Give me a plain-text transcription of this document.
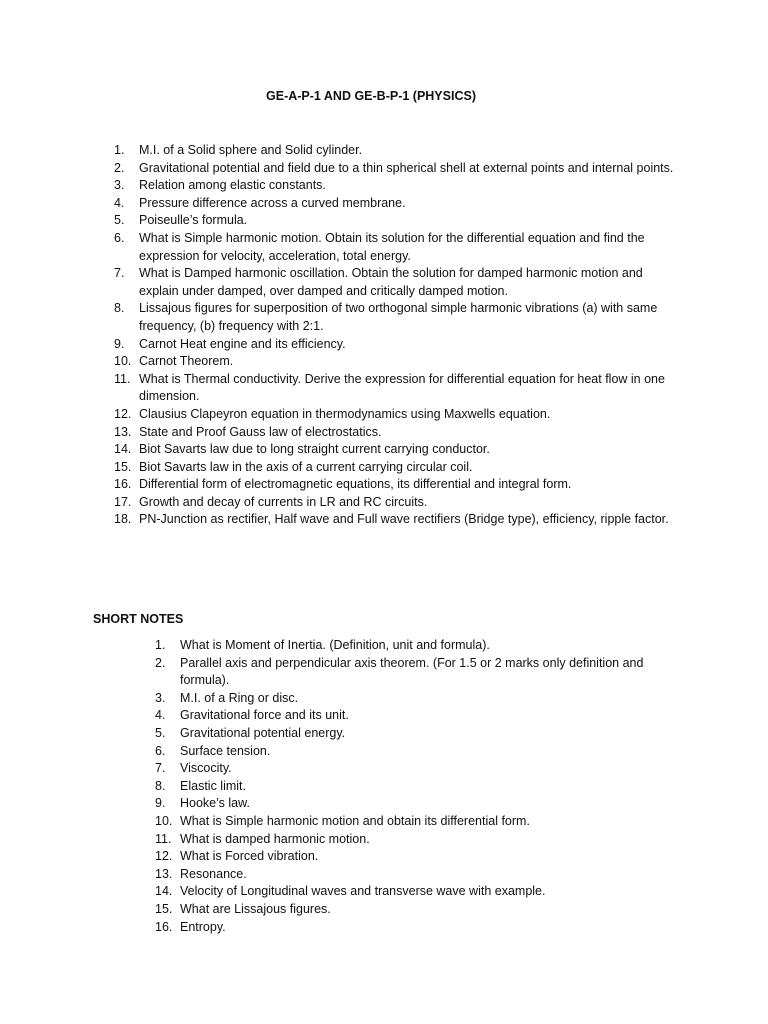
GE-A-P-1 AND GE-B-P-1 (PHYSICS)
1.	M.I. of a Solid sphere and Solid cylinder.
2.	Gravitational potential and field due to a thin spherical shell at external points and internal points.
3.	Relation among elastic constants.
4.	Pressure difference across a curved membrane.
5.	Poiseulle’s formula.
6.	What is Simple harmonic motion. Obtain its solution for the differential equation and find the expression for velocity, acceleration, total energy.
7.	What is Damped harmonic oscillation. Obtain the solution for damped harmonic motion and explain under damped, over damped and critically damped motion.
8.	Lissajous figures for superposition of two orthogonal simple harmonic vibrations (a) with same frequency, (b) frequency with 2:1.
9.	Carnot Heat engine and its efficiency.
10. Carnot Theorem.
11. What is Thermal conductivity. Derive the expression for differential equation for heat flow in one dimension.
12. Clausius Clapeyron equation in thermodynamics using Maxwells equation.
13. State and Proof Gauss law of electrostatics.
14. Biot Savarts law due to long straight current carrying conductor.
15. Biot Savarts law in the axis of a current carrying circular coil.
16. Differential form of electromagnetic equations, its differential and integral form.
17. Growth and decay of currents in LR and RC circuits.
18. PN-Junction as rectifier, Half wave and Full wave rectifiers (Bridge type), efficiency, ripple factor.
SHORT NOTES
1.	What is Moment of Inertia. (Definition, unit and formula).
2.	Parallel axis and perpendicular axis theorem. (For 1.5 or 2 marks only definition and formula).
3.	M.I. of a Ring or disc.
4.	Gravitational force and its unit.
5.	Gravitational potential energy.
6.	Surface tension.
7.	Viscocity.
8.	Elastic limit.
9.	Hooke’s law.
10. What is Simple harmonic motion and obtain its differential form.
11. What is damped harmonic motion.
12. What is Forced vibration.
13. Resonance.
14. Velocity of Longitudinal waves and transverse wave with example.
15. What are Lissajous figures.
16. Entropy.
